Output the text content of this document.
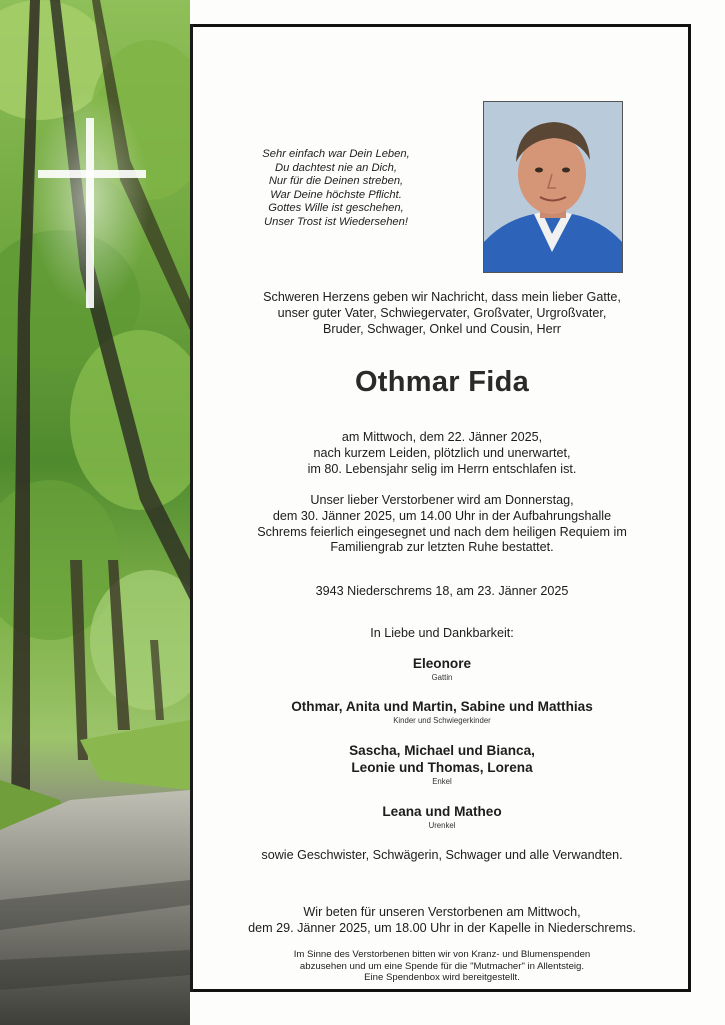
Sehr einfach war Dein Leben,
Du dachtest nie an Dich,
Nur für die Deinen streben,
War Deine höchste Pflicht.
Gottes Wille ist geschehen,
Unser Trost ist Wiedersehen!
Schweren Herzens geben wir Nachricht, dass mein lieber Gatte,
unser guter Vater, Schwiegervater, Großvater, Urgroßvater,
Bruder, Schwager, Onkel und Cousin, Herr
Othmar Fida
am Mittwoch, dem 22. Jänner 2025,
nach kurzem Leiden, plötzlich und unerwartet,
im 80. Lebensjahr selig im Herrn entschlafen ist.
Unser lieber Verstorbener wird am Donnerstag,
dem 30. Jänner 2025, um 14.00 Uhr in der Aufbahrungshalle
Schrems feierlich eingesegnet und nach dem heiligen Requiem im
Familiengrab zur letzten Ruhe bestattet.
3943 Niederschrems 18, am 23. Jänner 2025
In Liebe und Dankbarkeit:
Eleonore
Gattin
Othmar, Anita und Martin, Sabine und Matthias
Kinder und Schwiegerkinder
Sascha, Michael und Bianca,
Leonie und Thomas, Lorena
Enkel
Leana und Matheo
Urenkel
sowie Geschwister, Schwägerin, Schwager und alle Verwandten.
Wir beten für unseren Verstorbenen am Mittwoch,
dem 29. Jänner 2025, um 18.00 Uhr in der Kapelle in Niederschrems.
Im Sinne des Verstorbenen bitten wir von Kranz- und Blumenspenden
abzusehen und um eine Spende für die "Mutmacher" in Allentsteig.
Eine Spendenbox wird bereitgestellt.
